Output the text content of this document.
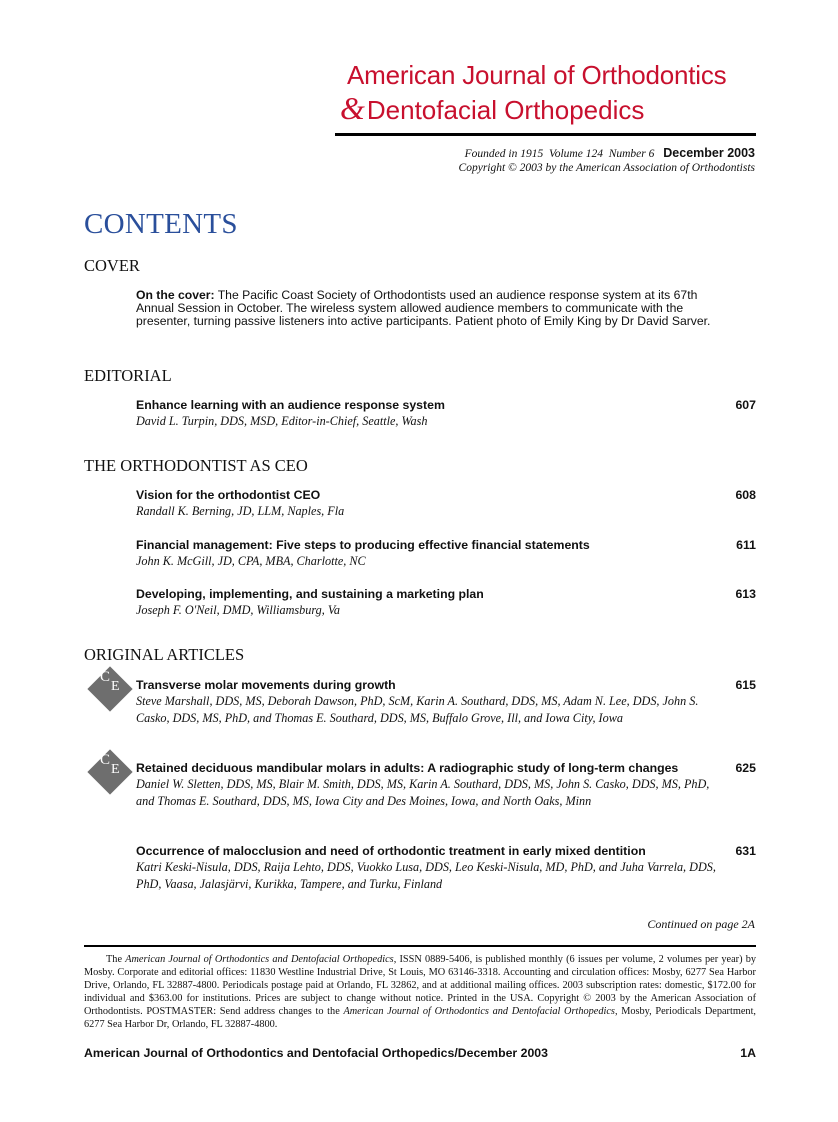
American Journal of Orthodontics
&Dentofacial Orthopedics
Founded in 1915 Volume 124 Number 6 December 2003
Copyright © 2003 by the American Association of Orthodontists
CONTENTS
COVER
On the cover: The Pacific Coast Society of Orthodontists used an audience response system at its 67th Annual Session in October. The wireless system allowed audience members to communicate with the presenter, turning passive listeners into active participants. Patient photo of Emily King by Dr David Sarver.
EDITORIAL
Enhance learning with an audience response system	607
David L. Turpin, DDS, MSD, Editor-in-Chief, Seattle, Wash
THE ORTHODONTIST AS CEO
Vision for the orthodontist CEO	608
Randall K. Berning, JD, LLM, Naples, Fla
Financial management: Five steps to producing effective financial statements	611
John K. McGill, JD, CPA, MBA, Charlotte, NC
Developing, implementing, and sustaining a marketing plan	613
Joseph F. O'Neil, DMD, Williamsburg, Va
ORIGINAL ARTICLES
C
E Transverse molar movements during growth	615
Steve Marshall, DDS, MS, Deborah Dawson, PhD, ScM, Karin A. Southard, DDS, MS, Adam N. Lee, DDS, John S. Casko, DDS, MS, PhD, and Thomas E. Southard, DDS, MS, Buffalo Grove, Ill, and Iowa City, Iowa
C
E Retained deciduous mandibular molars in adults: A radiographic study of long-term changes	625
Daniel W. Sletten, DDS, MS, Blair M. Smith, DDS, MS, Karin A. Southard, DDS, MS, John S. Casko, DDS, MS, PhD, and Thomas E. Southard, DDS, MS, Iowa City and Des Moines, Iowa, and North Oaks, Minn
Occurrence of malocclusion and need of orthodontic treatment in early mixed dentition	631
Katri Keski-Nisula, DDS, Raija Lehto, DDS, Vuokko Lusa, DDS, Leo Keski-Nisula, MD, PhD, and Juha Varrela, DDS, PhD, Vaasa, Jalasjärvi, Kurikka, Tampere, and Turku, Finland
Continued on page 2A
The American Journal of Orthodontics and Dentofacial Orthopedics, ISSN 0889-5406, is published monthly (6 issues per volume, 2 volumes per year) by Mosby. Corporate and editorial offices: 11830 Westline Industrial Drive, St Louis, MO 63146-3318. Accounting and circulation offices: Mosby, 6277 Sea Harbor Drive, Orlando, FL 32887-4800. Periodicals postage paid at Orlando, FL 32862, and at additional mailing offices. 2003 subscription rates: domestic, $172.00 for individual and $363.00 for institutions. Prices are subject to change without notice. Printed in the USA. Copyright © 2003 by the American Association of Orthodontists. POSTMASTER: Send address changes to the American Journal of Orthodontics and Dentofacial Orthopedics, Mosby, Periodicals Department, 6277 Sea Harbor Dr, Orlando, FL 32887-4800.
American Journal of Orthodontics and Dentofacial Orthopedics/December 2003	1A
